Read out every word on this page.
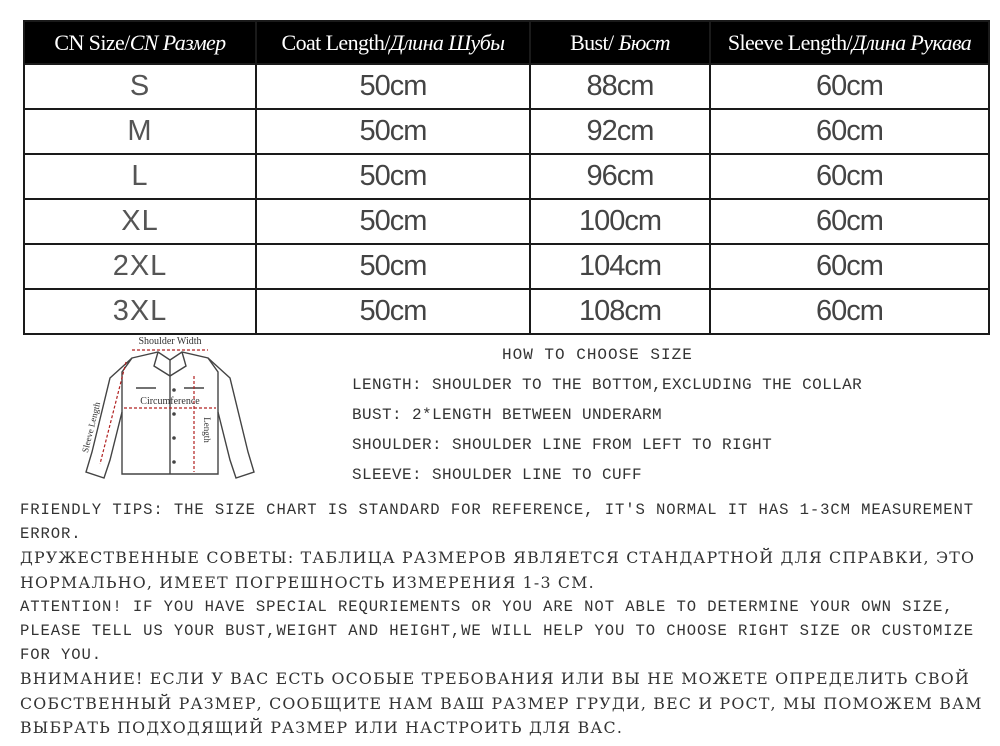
CN Size/CN Размер	Coat Length/Длина Шубы	Bust/ Бюст	Sleeve Length/Длина Рукава
S	50cm	88cm	60cm
M	50cm	92cm	60cm
L	50cm	96cm	60cm
XL	50cm	100cm	60cm
2XL	50cm	104cm	60cm
3XL	50cm	108cm	60cm
Shoulder Width
Circumference
Sleeve Length	Length
HOW TO CHOOSE SIZE
LENGTH: SHOULDER TO THE BOTTOM,EXCLUDING THE COLLAR
BUST: 2*LENGTH BETWEEN UNDERARM
SHOULDER: SHOULDER LINE FROM LEFT TO RIGHT
SLEEVE: SHOULDER LINE TO CUFF
FRIENDLY TIPS: THE SIZE CHART IS STANDARD FOR REFERENCE, IT'S NORMAL IT HAS 1-3CM MEASUREMENT ERROR.
ДРУЖЕСТВЕННЫЕ СОВЕТЫ: ТАБЛИЦА РАЗМЕРОВ ЯВЛЯЕТСЯ СТАНДАРТНОЙ ДЛЯ СПРАВКИ, ЭТО НОРМАЛЬНО, ИМЕЕТ ПОГРЕШНОСТЬ ИЗМЕРЕНИЯ 1-3 СМ.
ATTENTION! IF YOU HAVE SPECIAL REQURIEMENTS OR YOU ARE NOT ABLE TO DETERMINE YOUR OWN SIZE, PLEASE TELL US YOUR BUST,WEIGHT AND HEIGHT,WE WILL HELP YOU TO CHOOSE RIGHT SIZE OR CUSTOMIZE FOR YOU.
ВНИМАНИЕ! ЕСЛИ У ВАС ЕСТЬ ОСОБЫЕ ТРЕБОВАНИЯ ИЛИ ВЫ НЕ МОЖЕТЕ ОПРЕДЕЛИТЬ СВОЙ СОБСТВЕННЫЙ РАЗМЕР, СООБЩИТЕ НАМ ВАШ РАЗМЕР ГРУДИ, ВЕС И РОСТ, МЫ ПОМОЖЕМ ВАМ ВЫБРАТЬ ПОДХОДЯЩИЙ РАЗМЕР ИЛИ НАСТРОИТЬ ДЛЯ ВАС.
